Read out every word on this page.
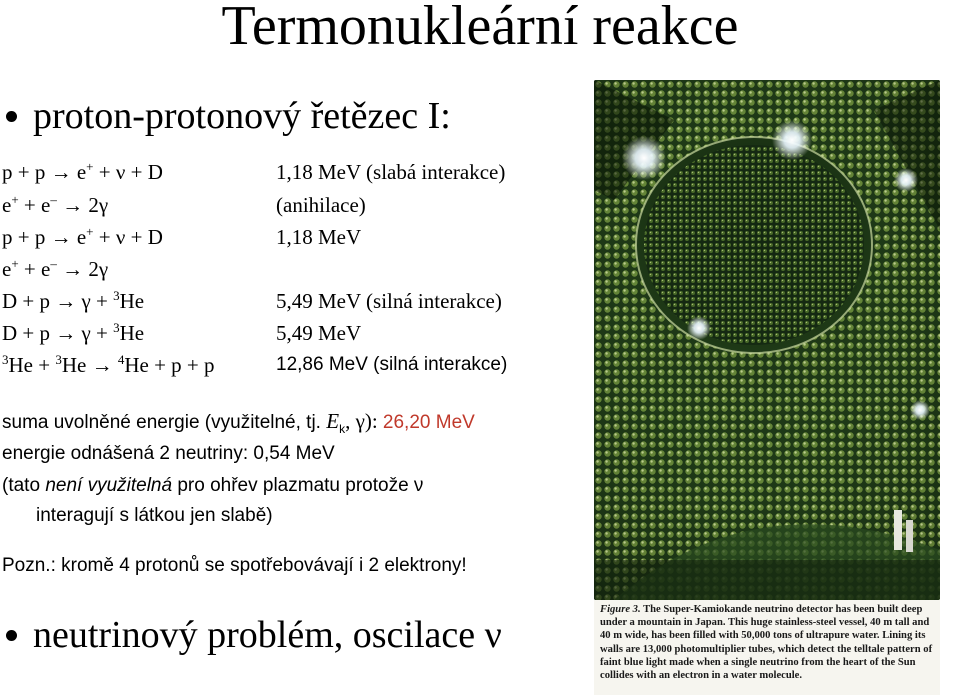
Termonukleární reakce
proton-protonový řetězec I:
p + p → e+ + ν + D	1,18 MeV (slabá interakce)
e+ + e– → 2γ	(anihilace)
p + p → e+ + ν + D	1,18 MeV
e+ + e– → 2γ
D + p → γ + $^3$He	5,49 MeV (silná interakce)
D + p → γ + $^3$He	5,49 MeV
$^3$He + $^3$He → $^4$He + p + p	12,86 MeV (silná interakce)
suma uvolněné energie (využitelné, tj. $E_k$, γ): 26,20 MeV
energie odnášená 2 neutriny: 0,54 MeV
(tato není využitelná pro ohřev plazmatu protože ν
interagují s látkou jen slabě)
Pozn.: kromě 4 protonů se spotřebovávají i 2 elektrony!
neutrinový problém, oscilace ν
Figure 3. The Super-Kamiokande neutrino detector has been built deep under a mountain in Japan. This huge stainless-steel vessel, 40 m tall and 40 m wide, has been filled with 50,000 tons of ultrapure water. Lining its walls are 13,000 photomultiplier tubes, which detect the telltale pattern of faint blue light made when a single neutrino from the heart of the Sun collides with an electron in a water molecule.
